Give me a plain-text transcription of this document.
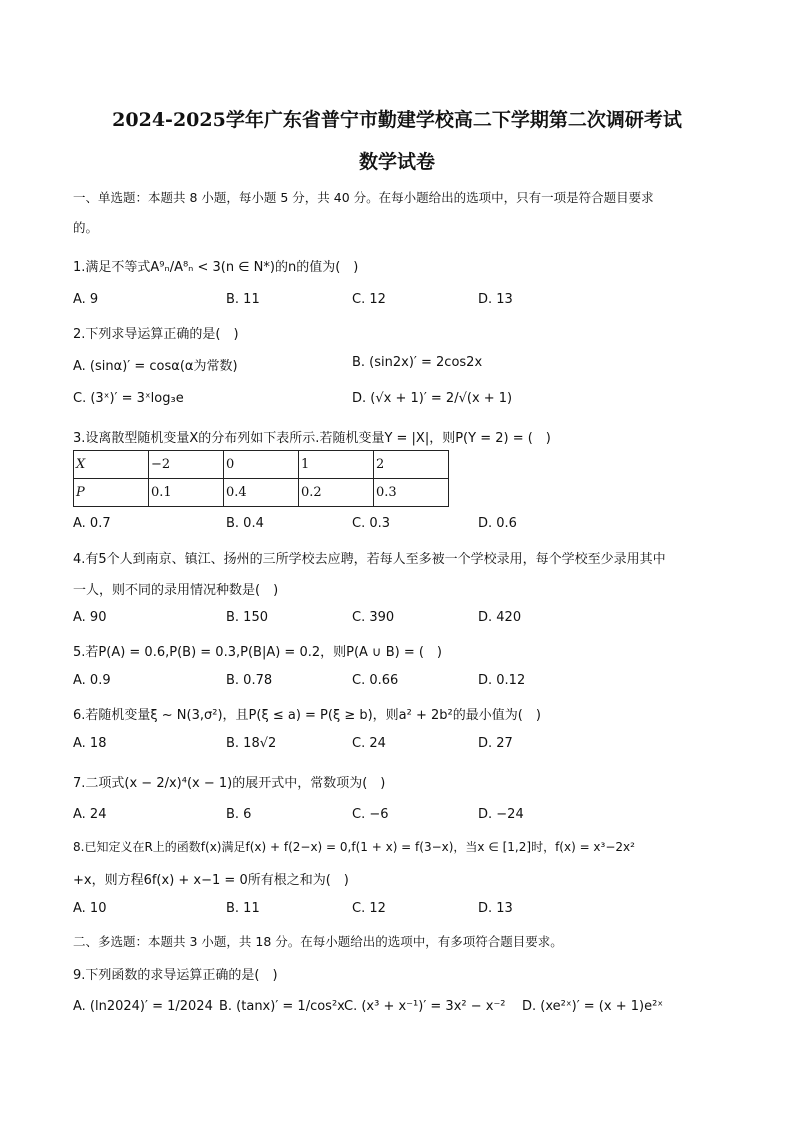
2024-2025学年广东省普宁市勤建学校高二下学期第二次调研考试
数学试卷
一、单选题：本题共 8 小题，每小题 5 分，共 40 分。在每小题给出的选项中，只有一项是符合题目要求
的。
1.满足不等式A⁹ₙ/A⁸ₙ < 3(n ∈ N*)的n的值为(　)
A. 9	B. 11	C. 12	D. 13
2.下列求导运算正确的是(　)
A. (sinα)′ = cosα(α为常数)	B. (sin2x)′ = 2cos2x
C. (3ˣ)′ = 3ˣlog₃e	D. (√x + 1)′ = 2/√(x + 1)
3.设离散型随机变量X的分布列如下表所示.若随机变量Y = |X|，则P(Y = 2) = (　)
X	−2	0	1	2
P	0.1	0.4	0.2	0.3
A. 0.7	B. 0.4	C. 0.3	D. 0.6
4.有5个人到南京、镇江、扬州的三所学校去应聘，若每人至多被一个学校录用，每个学校至少录用其中
一人，则不同的录用情况种数是(　)
A. 90	B. 150	C. 390	D. 420
5.若P(A) = 0.6,P(B) = 0.3,P(B|A) = 0.2，则P(A ∪ B) = (　)
A. 0.9	B. 0.78	C. 0.66	D. 0.12
6.若随机变量ξ ~ N(3,σ²)，且P(ξ ≤ a) = P(ξ ≥ b)，则a² + 2b²的最小值为(　)
A. 18	B. 18√2	C. 24	D. 27
7.二项式(x − 2/x)⁴(x − 1)的展开式中，常数项为(　)
A. 24	B. 6	C. −6	D. −24
8.已知定义在R上的函数f(x)满足f(x) + f(2−x) = 0,f(1 + x) = f(3−x)，当x ∈ [1,2]时，f(x) = x³−2x²
+x，则方程6f(x) + x−1 = 0所有根之和为(　)
A. 10	B. 11	C. 12	D. 13
二、多选题：本题共 3 小题，共 18 分。在每小题给出的选项中，有多项符合题目要求。
9.下列函数的求导运算正确的是(　)
A. (ln2024)′ = 1/2024 B. (tanx)′ = 1/cos²x C. (x³ + x⁻¹)′ = 3x² − x⁻² D. (xe²ˣ)′ = (x + 1)e²ˣ
